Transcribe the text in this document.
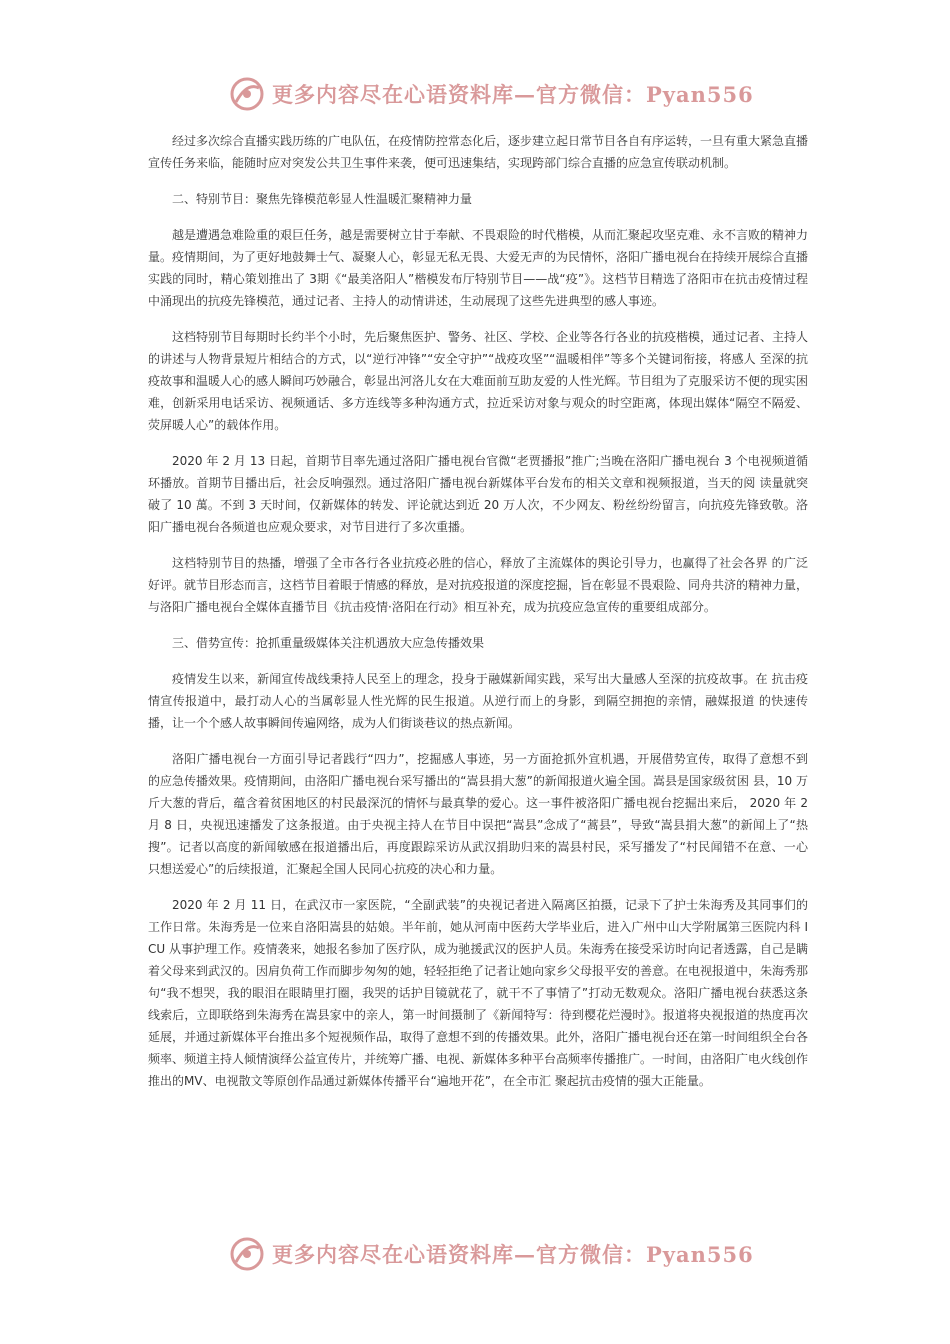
更多内容尽在心语资料库—官方微信：Pyan556

经过多次综合直播实践历练的广电队伍，在疫情防控常态化后，逐步建立起日常节目各自有序运转，一旦有重大紧急直播宣传任务来临，能随时应对突发公共卫生事件来袭，便可迅速集结，实现跨部门综合直播的应急宣传联动机制。

二、特别节目：聚焦先锋模范彰显人性温暖汇聚精神力量

越是遭遇急难险重的艰巨任务，越是需要树立甘于奉献、不畏艰险的时代楷模，从而汇聚起攻坚克难、永不言败的精神力量。疫情期间，为了更好地鼓舞士气、凝聚人心，彰显无私无畏、大爱无声的为民情怀，洛阳广播电视台在持续开展综合直播实践的同时，精心策划推出了 3期《“最美洛阳人”楷模发布厅特别节目——战“疫”》。这档节目精选了洛阳市在抗击疫情过程中涌现出的抗疫先锋模范，通过记者、主持人的动情讲述，生动展现了这些先进典型的感人事迹。

这档特别节目每期时长约半个小时，先后聚焦医护、警务、社区、学校、企业等各行各业的抗疫楷模，通过记者、主持人的讲述与人物背景短片相结合的方式，以“逆行冲锋”“安全守护”“战疫攻坚”“温暖相伴”等多个关键词衔接，将感人 至深的抗疫故事和温暖人心的感人瞬间巧妙融合，彰显出河洛儿女在大难面前互助友爱的人性光辉。节目组为了克服采访不便的现实困难，创新采用电话采访、视频通话、多方连线等多种沟通方式，拉近采访对象与观众的时空距离，体现出媒体“隔空不隔爱、荧屏暖人心”的载体作用。

2020 年 2 月 13 日起，首期节目率先通过洛阳广播电视台官微“老贾播报”推广;当晚在洛阳广播电视台 3 个电视频道循环播放。首期节目播出后，社会反响强烈。通过洛阳广播电视台新媒体平台发布的相关文章和视频报道，当天的阅 读量就突破了 10 萬。不到 3 天时间，仅新媒体的转发、评论就达到近 20 万人次，不少网友、粉丝纷纷留言，向抗疫先锋致敬。洛阳广播电视台各频道也应观众要求，对节目进行了多次重播。

这档特别节目的热播，增强了全市各行各业抗疫必胜的信心，释放了主流媒体的舆论引导力，也赢得了社会各界 的广泛好评。就节目形态而言，这档节目着眼于情感的释放，是对抗疫报道的深度挖掘，旨在彰显不畏艰险、同舟共济的精神力量，与洛阳广播电视台全媒体直播节目《抗击疫情·洛阳在行动》相互补充，成为抗疫应急宣传的重要组成部分。

三、借势宣传：抢抓重量级媒体关注机遇放大应急传播效果

疫情发生以来，新闻宣传战线秉持人民至上的理念，投身于融媒新闻实践，采写出大量感人至深的抗疫故事。在 抗击疫情宣传报道中，最打动人心的当属彰显人性光辉的民生报道。从逆行而上的身影，到隔空拥抱的亲情，融媒报道 的快速传播，让一个个感人故事瞬间传遍网络，成为人们街谈巷议的热点新闻。

洛阳广播电视台一方面引导记者践行“四力”，挖掘感人事迹，另一方面抢抓外宣机遇，开展借势宣传，取得了意想不到的应急传播效果。疫情期间，由洛阳广播电视台采写播出的“嵩县捐大葱”的新闻报道火遍全国。嵩县是国家级贫困 县，10 万斤大葱的背后，蕴含着贫困地区的村民最深沉的情怀与最真挚的爱心。这一事件被洛阳广播电视台挖掘出来后， 2020 年 2 月 8 日，央视迅速播发了这条报道。由于央视主持人在节目中误把“嵩县”念成了“蒿县”，导致“嵩县捐大葱”的新闻上了“热搜”。记者以高度的新闻敏感在报道播出后，再度跟踪采访从武汉捐助归来的嵩县村民，采写播发了“村民闻错不在意、一心只想送爱心”的后续报道，汇聚起全国人民同心抗疫的决心和力量。

2020 年 2 月 11 日，在武汉市一家医院，“全副武装”的央视记者进入隔离区拍摄，记录下了护士朱海秀及其同事们的工作日常。朱海秀是一位来自洛阳嵩县的姑娘。半年前，她从河南中医药大学毕业后，进入广州中山大学附属第三医院内科 ICU 从事护理工作。疫情袭来，她报名参加了医疗队，成为驰援武汉的医护人员。朱海秀在接受采访时向记者透露，自己是瞒着父母来到武汉的。因肩负荷工作而脚步匆匆的她，轻轻拒绝了记者让她向家乡父母报平安的善意。在电视报道中，朱海秀那句“我不想哭，我的眼泪在眼睛里打圈，我哭的话护目镜就花了，就干不了事情了”打动无数观众。洛阳广播电视台获悉这条线索后，立即联络到朱海秀在嵩县家中的亲人，第一时间摄制了《新闻特写：待到樱花烂漫时》。报道将央视报道的热度再次延展，并通过新媒体平台推出多个短视频作品，取得了意想不到的传播效果。此外，洛阳广播电视台还在第一时间组织全台各频率、频道主持人倾情演绎公益宣传片，并统筹广播、电视、新媒体多种平台高频率传播推广。一时间，由洛阳广电火线创作推出的MV、电视散文等原创作品通过新媒体传播平台“遍地开花”，在全市汇 聚起抗击疫情的强大正能量。

更多内容尽在心语资料库—官方微信：Pyan556
